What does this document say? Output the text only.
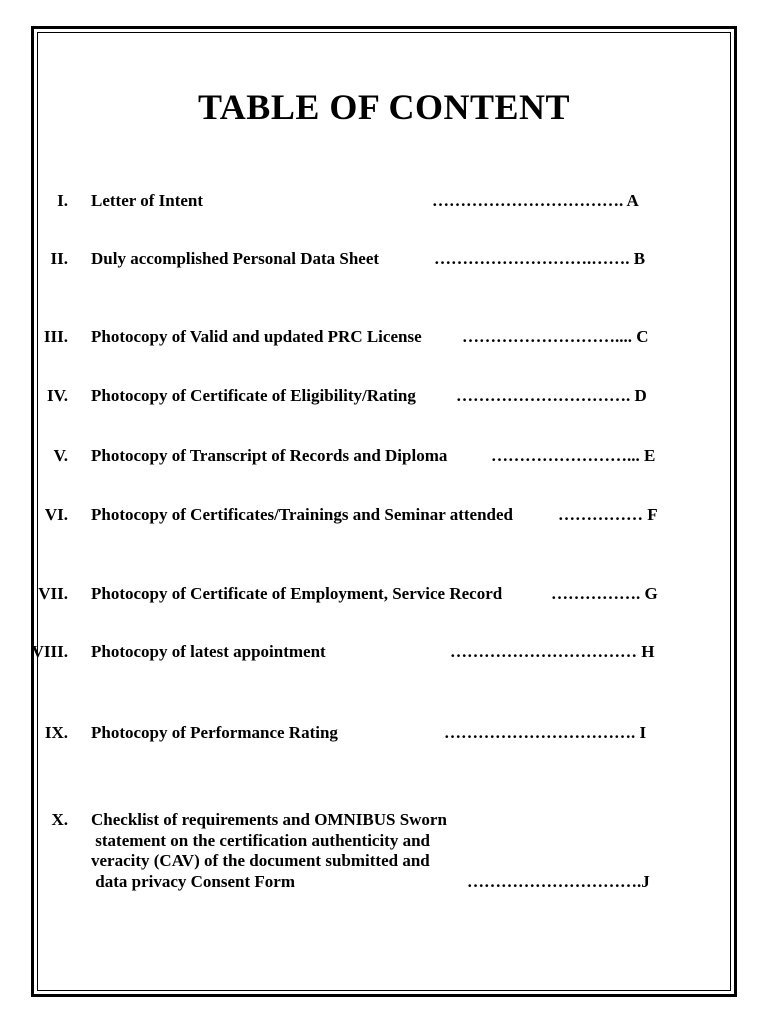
TABLE OF CONTENT
I. Letter of Intent	……………………………. A
II. Duly accomplished Personal Data Sheet	……………………….……. B
III. Photocopy of Valid and updated PRC License ……………………….... C
IV. Photocopy of Certificate of Eligibility/Rating …………………………. D
V. Photocopy of Transcript of Records and Diploma	……………………... E
VI. Photocopy of Certificates/Trainings and Seminar attended	…………… F
VII. Photocopy of Certificate of Employment, Service Record	……………. G
VIII. Photocopy of latest appointment	…………………………… H
IX. Photocopy of Performance Rating	……………………………. I
X. Checklist of requirements and OMNIBUS Sworn
statement on the certification authenticity and
veracity (CAV) of the document submitted and
data privacy Consent Form	………………………….J
